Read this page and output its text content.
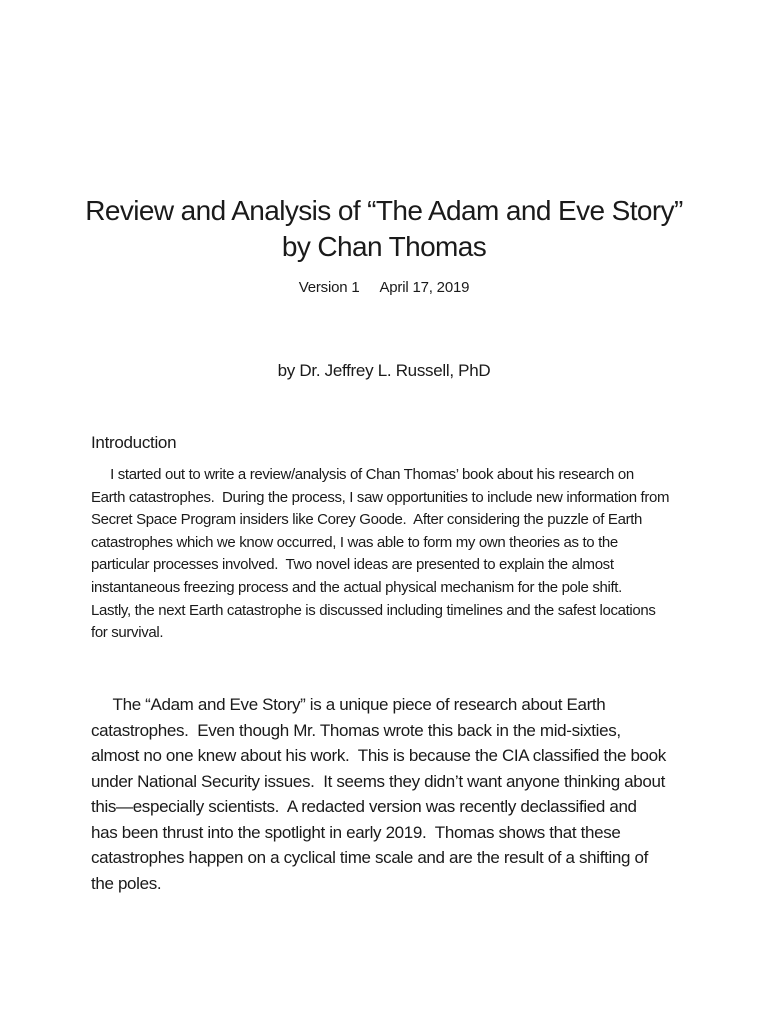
Review and Analysis of “The Adam and Eve Story”
by Chan Thomas
Version 1 April 17, 2019
by Dr. Jeffrey L. Russell, PhD
Introduction

I started out to write a review/analysis of Chan Thomas’ book about his research on
Earth catastrophes.  During the process, I saw opportunities to include new information from
Secret Space Program insiders like Corey Goode.  After considering the puzzle of Earth
catastrophes which we know occurred, I was able to form my own theories as to the
particular processes involved.  Two novel ideas are presented to explain the almost
instantaneous freezing process and the actual physical mechanism for the pole shift.
Lastly, the next Earth catastrophe is discussed including timelines and the safest locations
for survival.

The “Adam and Eve Story” is a unique piece of research about Earth
catastrophes.  Even though Mr. Thomas wrote this back in the mid-sixties,
almost no one knew about his work.  This is because the CIA classified the book
under National Security issues.  It seems they didn’t want anyone thinking about
this—especially scientists.  A redacted version was recently declassified and
has been thrust into the spotlight in early 2019.  Thomas shows that these
catastrophes happen on a cyclical time scale and are the result of a shifting of
the poles.
